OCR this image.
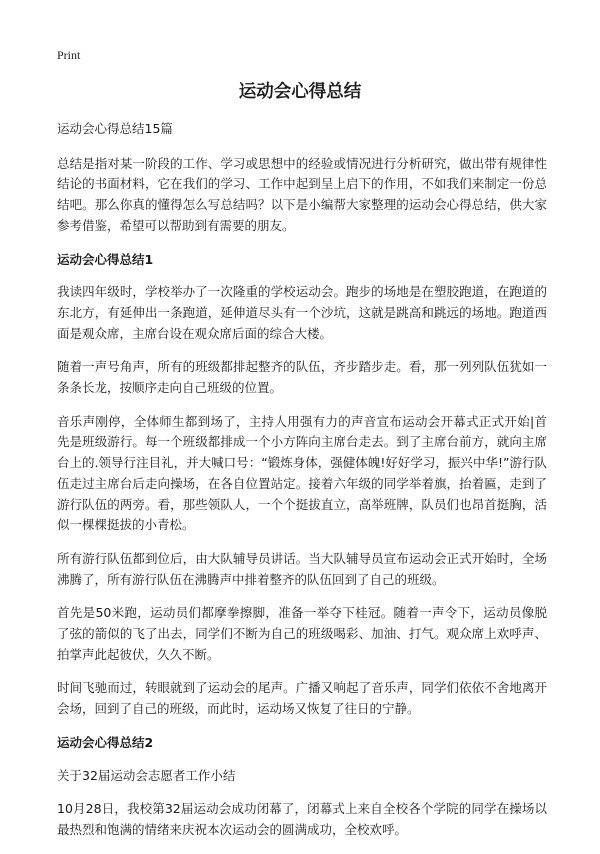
Print
运动会心得总结

运动会心得总结15篇

总结是指对某一阶段的工作、学习或思想中的经验或情况进行分析研究，做出带有规律性结论的书面材料，它在我们的学习、工作中起到呈上启下的作用，不如我们来制定一份总结吧。那么你真的懂得怎么写总结吗？以下是小编帮大家整理的运动会心得总结，供大家参考借鉴，希望可以帮助到有需要的朋友。

运动会心得总结1

我读四年级时，学校举办了一次隆重的学校运动会。跑步的场地是在塑胶跑道，在跑道的东北方，有延伸出一条跑道，延伸道尽头有一个沙坑，这就是跳高和跳远的场地。跑道西面是观众席，主席台设在观众席后面的综合大楼。

随着一声号角声，所有的班级都排起整齐的队伍，齐步踏步走。看，那一列列队伍犹如一条条长龙，按顺序走向自己班级的位置。

音乐声刚停，全体师生都到场了，主持人用强有力的声音宣布运动会开幕式正式开始|首先是班级游行。每一个班级都排成一个小方阵向主席台走去。到了主席台前方，就向主席台上的.领导行注目礼，并大喊口号：“锻炼身体，强健体魄!好好学习，振兴中华!”游行队伍走过主席台后走向操场，在各自位置站定。接着六年级的同学举着旗，抬着匾，走到了游行队伍的两旁。看，那些领队人，一个个挺拔直立，高举班牌，队员们也昂首挺胸，活似一棵棵挺拔的小青松。

所有游行队伍都到位后，由大队辅导员讲话。当大队辅导员宣布运动会正式开始时，全场沸腾了，所有游行队伍在沸腾声中排着整齐的队伍回到了自己的班级。

首先是50米跑，运动员们都摩拳擦脚，准备一举夺下桂冠。随着一声令下，运动员像脱了弦的箭似的飞了出去，同学们不断为自己的班级喝彩、加油、打气。观众席上欢呼声、拍掌声此起彼伏，久久不断。

时间飞驰而过，转眼就到了运动会的尾声。广播又响起了音乐声，同学们依依不舍地离开会场，回到了自己的班级，而此时，运动场又恢复了往日的宁静。

运动会心得总结2

关于32届运动会志愿者工作小结

10月28日，我校第32届运动会成功闭幕了，闭幕式上来自全校各个学院的同学在操场以最热烈和饱满的情绪来庆祝本次运动会的圆满成功，全校欢呼。
